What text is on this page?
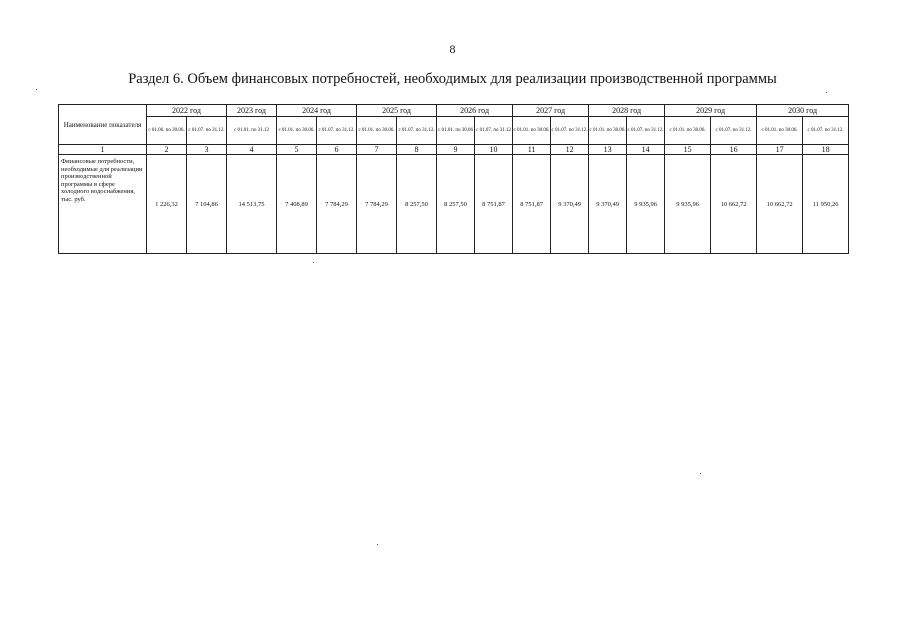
8
Раздел 6. Объем финансовых потребностей, необходимых для реализации производственной программы
Наименование показателя	2022 год		2023 год	2024 год		2025 год		2026 год		2027 год		2028 год		2029 год		2030 год	
	с 01.06. по 30.06.	с 01.07. по 31.12.	с 01.01. по 31.12	с 01.01. по 30.06.	с 01.07. по 31.12.	с 01.01. по 30.06.	с 01.07. по 31.12.	с 01.01. по 30.06	с 01.07. по 31.12	с 01.01. по 30.06.	с 01.07. по 31.12.	с 01.01. по 30.06.	с 01.07. по 31.12.	с 01.01. по 30.06.	с 01.07. по 31.12.	с 01.01. по 30.06.	с 01.07. по 31.12.
1	2	3	4	5	6	7	8	9	10	11	12	13	14	15	16	17	18
Финансовые потребности, необходимые для реализации производственной программы в сфере холодного водоснабжения, тыс. руб.	1 226,32	7 104,86	14 513,75	7 408,89	7 784,29	7 784,29	8 257,50	8 257,50	8 751,87	8 751,87	9 370,49	9 370,49	9 935,96	9 935,96	10 662,72	10 662,72	11 950,26
